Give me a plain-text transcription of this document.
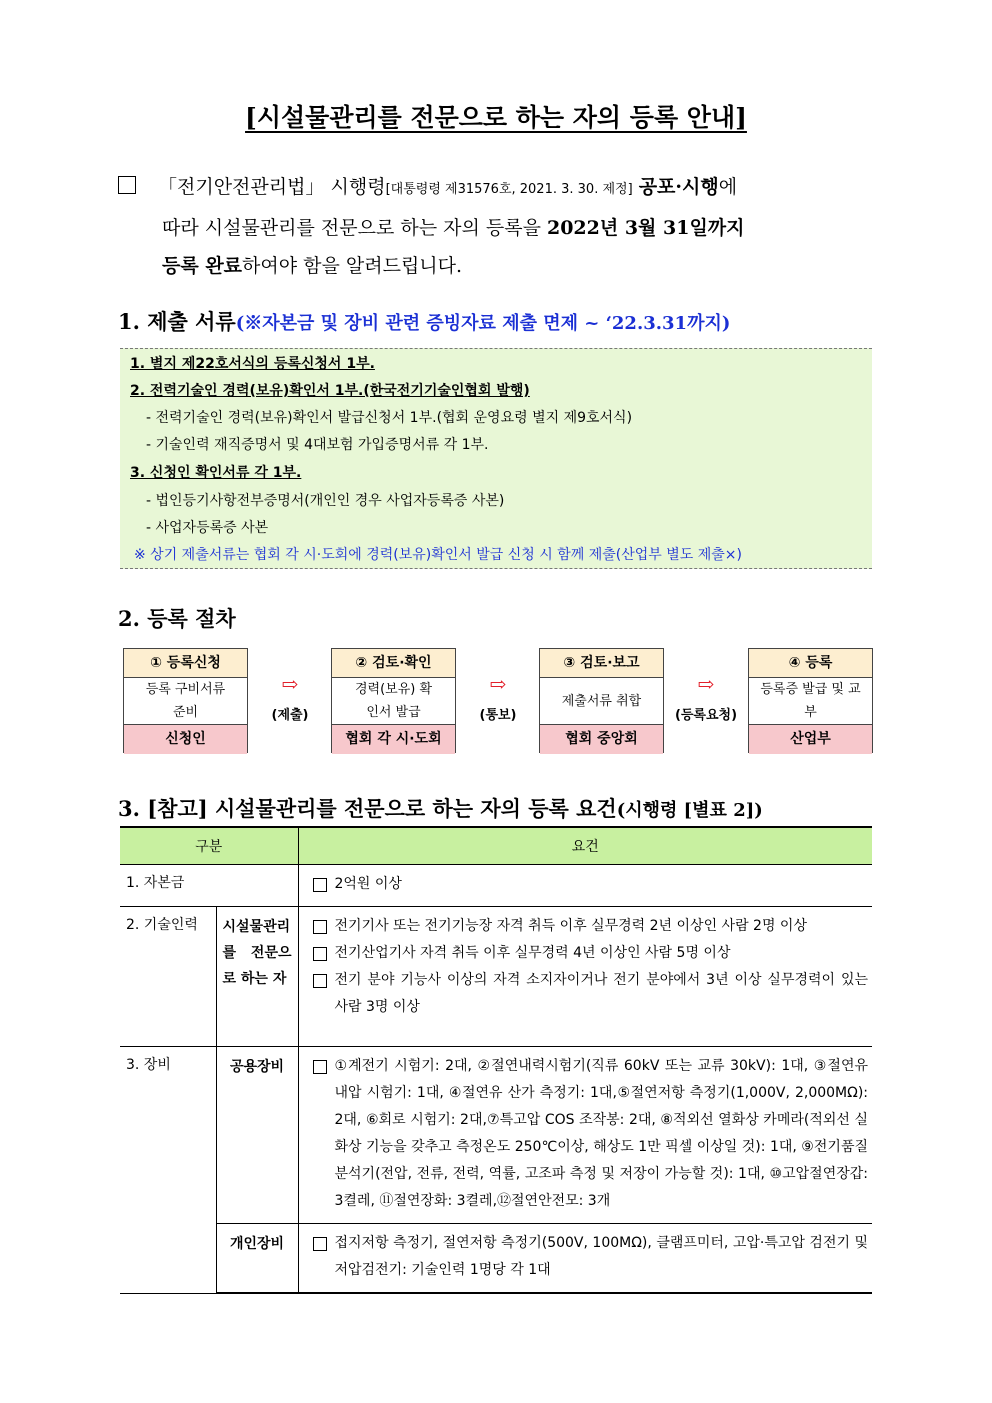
[시설물관리를 전문으로 하는 자의 등록 안내]
「전기안전관리법」 시행령[대통령령 제31576호, 2021. 3. 30. 제정] 공포·시행에
따라 시설물관리를 전문으로 하는 자의 등록을 2022년 3월 31일까지
등록 완료하여야 함을 알려드립니다.
1. 제출 서류(※자본금 및 장비 관련 증빙자료 제출 면제 ~ ‘22.3.31까지)
1. 별지 제22호서식의 등록신청서 1부.
2. 전력기술인 경력(보유)확인서 1부.(한국전기기술인협회 발행)
- 전력기술인 경력(보유)확인서 발급신청서 1부.(협회 운영요령 별지 제9호서식)
- 기술인력 재직증명서 및 4대보험 가입증명서류 각 1부.
3. 신청인 확인서류 각 1부.
- 법인등기사항전부증명서(개인인 경우 사업자등록증 사본)
- 사업자등록증 사본
※ 상기 제출서류는 협회 각 시·도회에 경력(보유)확인서 발급 신청 시 함께 제출(산업부 별도 제출×)
2. 등록 절차
① 등록신청
등록 구비서류 준비
신청인
⇨
(제출)
② 검토·확인
경력(보유) 확인서 발급
협회 각 시·도회
⇨
(통보)
③ 검토·보고
제출서류 취합
협회 중앙회
⇨
(등록요청)
④ 등록
등록증 발급 및 교부
산업부
3. [참고] 시설물관리를 전문으로 하는 자의 등록 요건(시행령 [별표 2])
구분		요건
1. 자본금		2억원 이상

2. 기술인력	시설물관리를 전문으로 하는 자	전기기사 또는 전기기능장 자격 취득 이후 실무경력 2년 이상인 사람 2명 이상
전기산업기사 자격 취득 이후 실무경력 4년 이상인 사람 5명 이상
전기 분야 기능사 이상의 자격 소지자이거나 전기 분야에서 3년 이상 실무경력이 있는 사람 3명 이상

3. 장비	공용장비	①계전기 시험기: 2대, ②절연내력시험기(직류 60kV 또는 교류 30kV): 1대, ③절연유내압 시험기: 1대, ④절연유 산가 측정기: 1대,⑤절연저항 측정기(1,000V, 2,000MΩ): 2대, ⑥회로 시험기: 2대,⑦특고압 COS 조작봉: 2대, ⑧적외선 열화상 카메라(적외선 실화상 기능을 갖추고 측정온도 250℃이상, 해상도 1만 픽셀 이상일 것): 1대, ⑨전기품질분석기(전압, 전류, 전력, 역률, 고조파 측정 및 저장이 가능할 것): 1대, ⑩고압절연장갑: 3켤레, ⑪절연장화: 3켤레,⑫절연안전모: 3개

	개인장비	접지저항 측정기, 절연저항 측정기(500V, 100MΩ), 클램프미터, 고압·특고압 검전기 및 저압검전기: 기술인력 1명당 각 1대
